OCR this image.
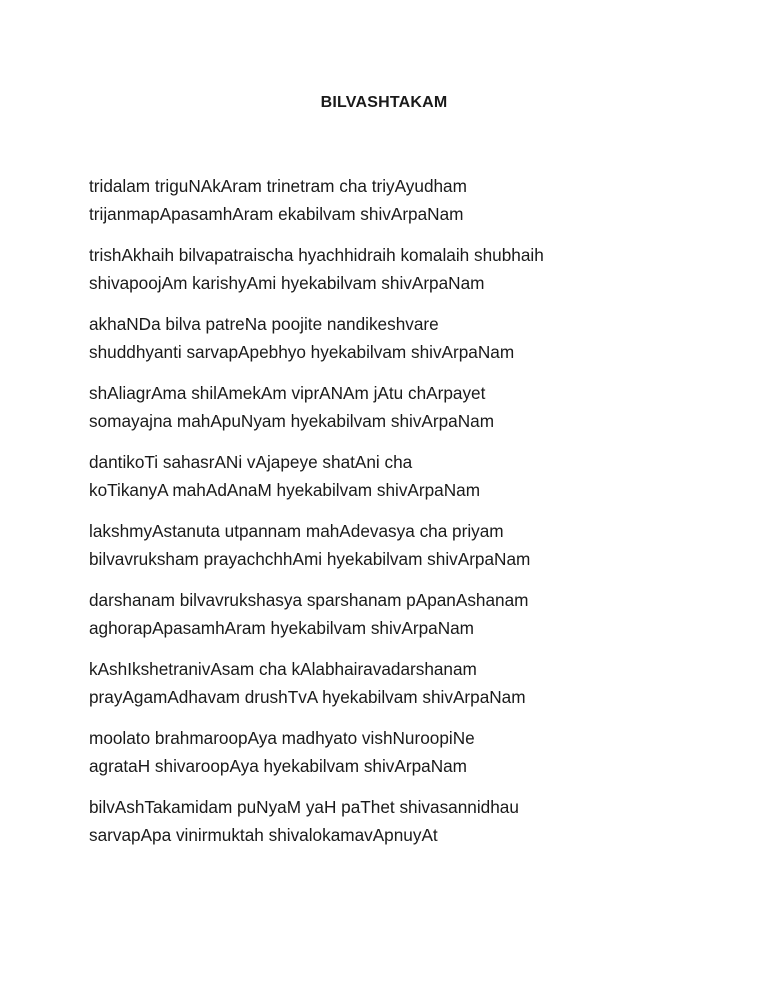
BILVASHTAKAM
tridalam triguNAkAram trinetram cha triyAyudham
trijanmapApasamhAram ekabilvam shivArpaNam
trishAkhaih bilvapatraischa hyachhidraih komalaih shubhaih
shivapoojAm karishyAmi hyekabilvam shivArpaNam
akhaNDa bilva patreNa poojite nandikeshvare
shuddhyanti sarvapApebhyo hyekabilvam shivArpaNam
shAliagrAma shilAmekAm viprANAm jAtu chArpayet
somayajna mahApuNyam hyekabilvam shivArpaNam
dantikoTi sahasrANi vAjapeye shatAni cha
koTikanyA mahAdAnaM hyekabilvam shivArpaNam
lakshmyAstanuta utpannam mahAdevasya cha priyam
bilvavruksham prayachchhAmi hyekabilvam shivArpaNam
darshanam bilvavrukshasya sparshanam pApanAshanam
aghorapApasamhAram hyekabilvam shivArpaNam
kAshIkshetranivAsam cha kAlabhairavadarshanam
prayAgamAdhavam drushTvA hyekabilvam shivArpaNam
moolato brahmaroopAya madhyato vishNuroopiNe
agrataH shivaroopAya hyekabilvam shivArpaNam
bilvAshTakamidam puNyaM yaH paThet shivasannidhau
sarvapApa vinirmuktah shivalokamavApnuyAt
